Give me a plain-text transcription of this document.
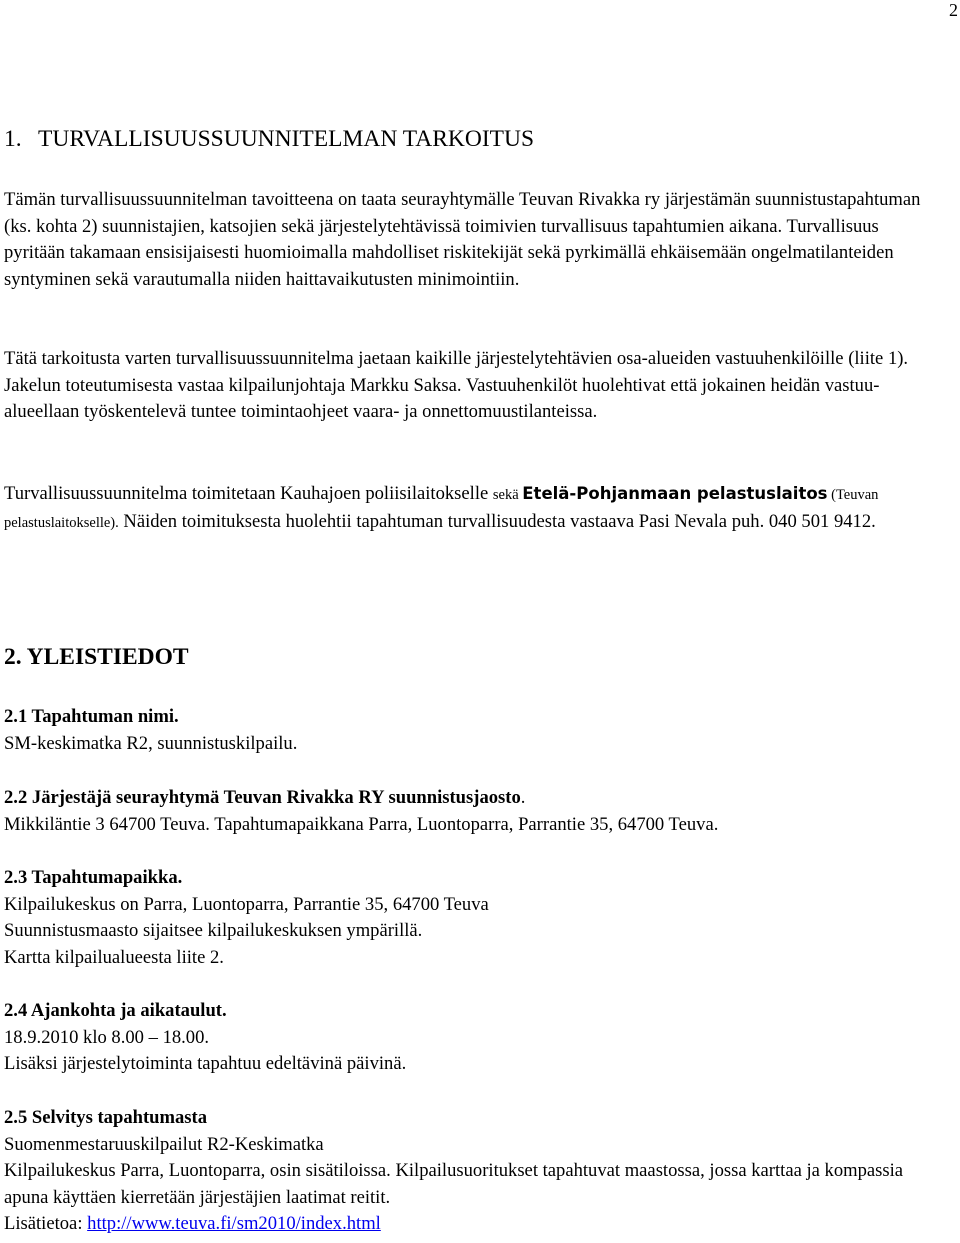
2
1. TURVALLISUUSSUUNNITELMAN TARKOITUS

Tämän turvallisuussuunnitelman tavoitteena on taata seurayhtymälle Teuvan Rivakka ry järjestämän suunnistustapahtuman (ks. kohta 2) suunnistajien, katsojien sekä järjestelytehtävissä toimivien turvallisuus tapahtumien aikana. Turvallisuus pyritään takamaan ensisijaisesti huomioimalla mahdolliset riskitekijät sekä pyrkimällä ehkäisemään ongelmatilanteiden syntyminen sekä varautumalla niiden haittavaikutusten minimointiin.

Tätä tarkoitusta varten turvallisuussuunnitelma jaetaan kaikille järjestelytehtävien osa-alueiden vastuuhenkilöille (liite 1). Jakelun toteutumisesta vastaa kilpailunjohtaja Markku Saksa. Vastuuhenkilöt huolehtivat että jokainen heidän vastuu-alueellaan työskentelevä tuntee toimintaohjeet vaara- ja onnettomuustilanteissa.

Turvallisuussuunnitelma toimitetaan Kauhajoen poliisilaitokselle sekä Etelä-Pohjanmaan pelastuslaitos (Teuvan pelastuslaitokselle). Näiden toimituksesta huolehtii tapahtuman turvallisuudesta vastaava Pasi Nevala puh. 040 501 9412.

2. YLEISTIEDOT

2.1 Tapahtuman nimi.

SM-keskimatka R2, suunnistuskilpailu.

2.2 Järjestäjä seurayhtymä Teuvan Rivakka RY suunnistusjaosto.

Mikkiläntie 3 64700 Teuva. Tapahtumapaikkana Parra, Luontoparra, Parrantie 35, 64700 Teuva.

2.3 Tapahtumapaikka.

Kilpailukeskus on Parra, Luontoparra, Parrantie 35, 64700 Teuva

Suunnistusmaasto sijaitsee kilpailukeskuksen ympärillä.

Kartta kilpailualueesta liite 2.

2.4 Ajankohta ja aikataulut.

18.9.2010 klo 8.00 – 18.00.

Lisäksi järjestelytoiminta tapahtuu edeltävinä päivinä.

2.5 Selvitys tapahtumasta

Suomenmestaruuskilpailut R2-Keskimatka

Kilpailukeskus Parra, Luontoparra, osin sisätiloissa. Kilpailusuoritukset tapahtuvat maastossa, jossa karttaa ja kompassia apuna käyttäen kierretään järjestäjien laatimat reitit.

Lisätietoa: http://www.teuva.fi/sm2010/index.html
